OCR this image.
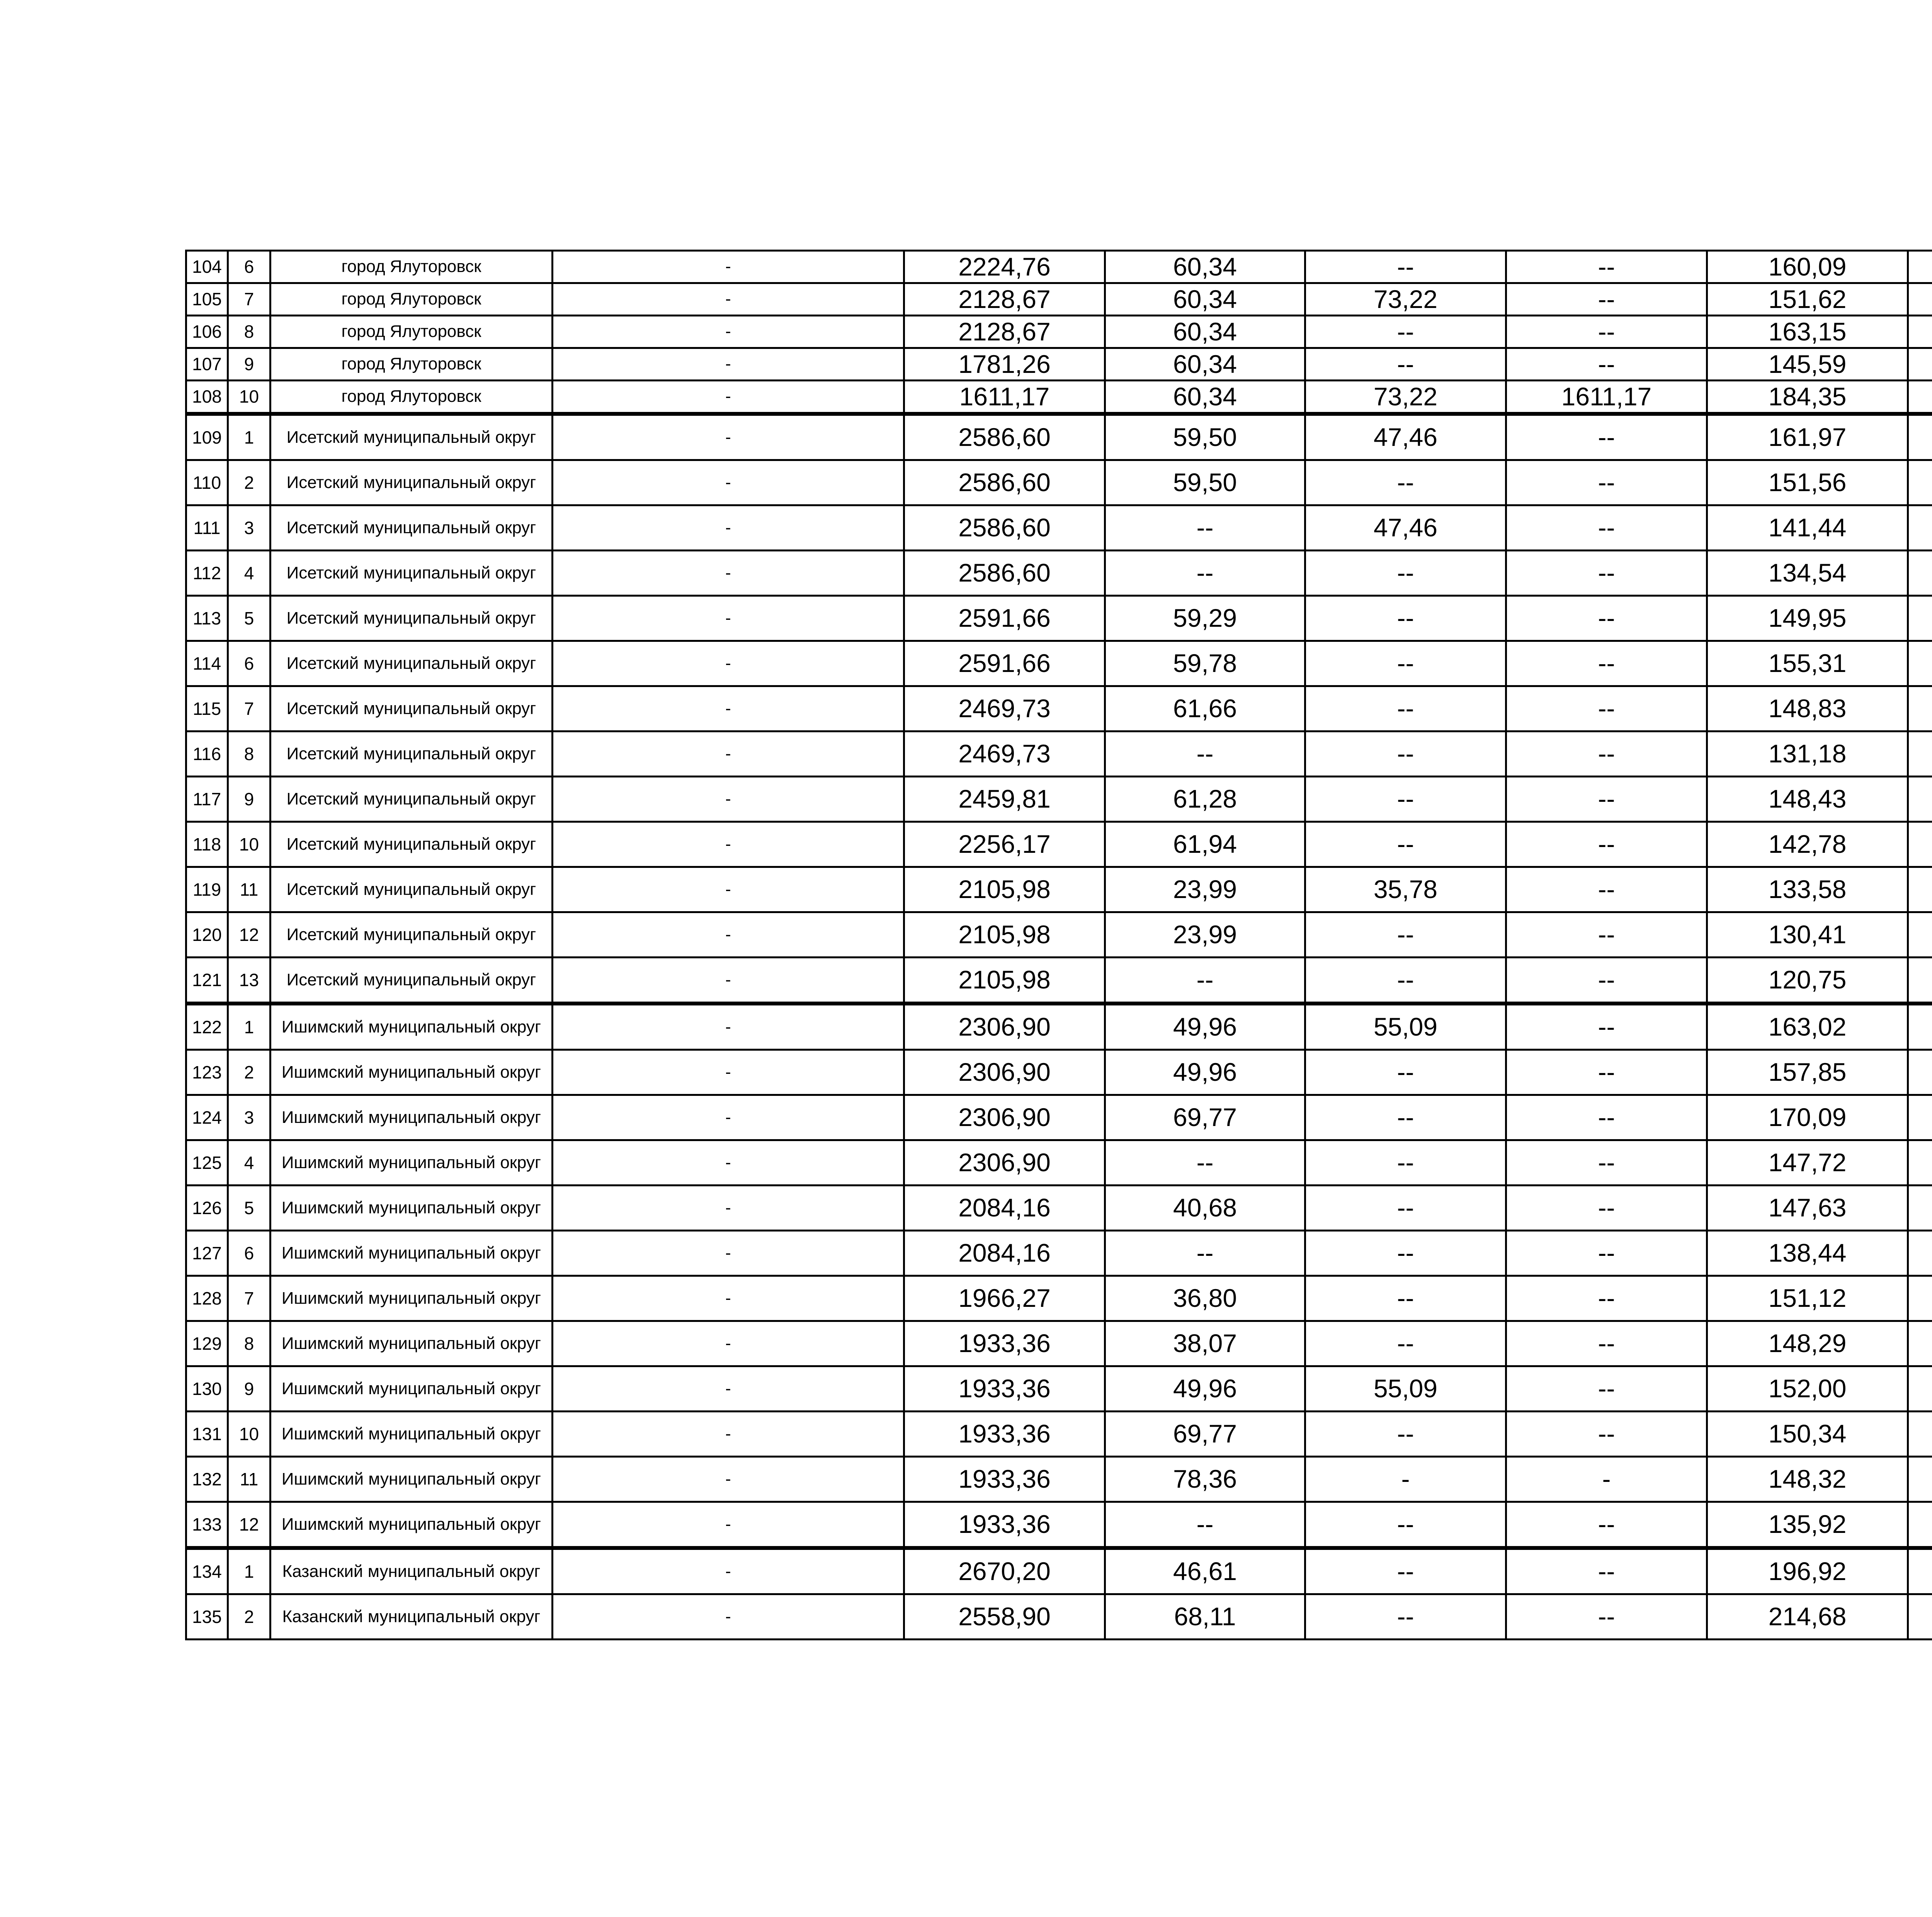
104	6	город Ялуторовск	-	2224,76	60,34	--	--	160,09			
105	7	город Ялуторовск	-	2128,67	60,34	73,22	--	151,62			
106	8	город Ялуторовск	-	2128,67	60,34	--	--	163,15			
107	9	город Ялуторовск	-	1781,26	60,34	--	--	145,59			
108	10	город Ялуторовск	-	1611,17	60,34	73,22	1611,17	184,35			
109	1	Исетский муниципальный округ	-	2586,60	59,50	47,46	--	161,97			
110	2	Исетский муниципальный округ	-	2586,60	59,50	--	--	151,56			
111	3	Исетский муниципальный округ	-	2586,60	--	47,46	--	141,44			
112	4	Исетский муниципальный округ	-	2586,60	--	--	--	134,54			
113	5	Исетский муниципальный округ	-	2591,66	59,29	--	--	149,95			
114	6	Исетский муниципальный округ	-	2591,66	59,78	--	--	155,31			
115	7	Исетский муниципальный округ	-	2469,73	61,66	--	--	148,83			
116	8	Исетский муниципальный округ	-	2469,73	--	--	--	131,18			
117	9	Исетский муниципальный округ	-	2459,81	61,28	--	--	148,43			
118	10	Исетский муниципальный округ	-	2256,17	61,94	--	--	142,78			
119	11	Исетский муниципальный округ	-	2105,98	23,99	35,78	--	133,58			
120	12	Исетский муниципальный округ	-	2105,98	23,99	--	--	130,41			
121	13	Исетский муниципальный округ	-	2105,98	--	--	--	120,75			
122	1	Ишимский муниципальный округ	-	2306,90	49,96	55,09	--	163,02			
123	2	Ишимский муниципальный округ	-	2306,90	49,96	--	--	157,85			
124	3	Ишимский муниципальный округ	-	2306,90	69,77	--	--	170,09			
125	4	Ишимский муниципальный округ	-	2306,90	--	--	--	147,72			
126	5	Ишимский муниципальный округ	-	2084,16	40,68	--	--	147,63			
127	6	Ишимский муниципальный округ	-	2084,16	--	--	--	138,44			
128	7	Ишимский муниципальный округ	-	1966,27	36,80	--	--	151,12			
129	8	Ишимский муниципальный округ	-	1933,36	38,07	--	--	148,29			
130	9	Ишимский муниципальный округ	-	1933,36	49,96	55,09	--	152,00			
131	10	Ишимский муниципальный округ	-	1933,36	69,77	--	--	150,34			
132	11	Ишимский муниципальный округ	-	1933,36	78,36	-	-	148,32			
133	12	Ишимский муниципальный округ	-	1933,36	--	--	--	135,92			
134	1	Казанский муниципальный округ	-	2670,20	46,61	--	--	196,92			
135	2	Казанский муниципальный округ	-	2558,90	68,11	--	--	214,68			
